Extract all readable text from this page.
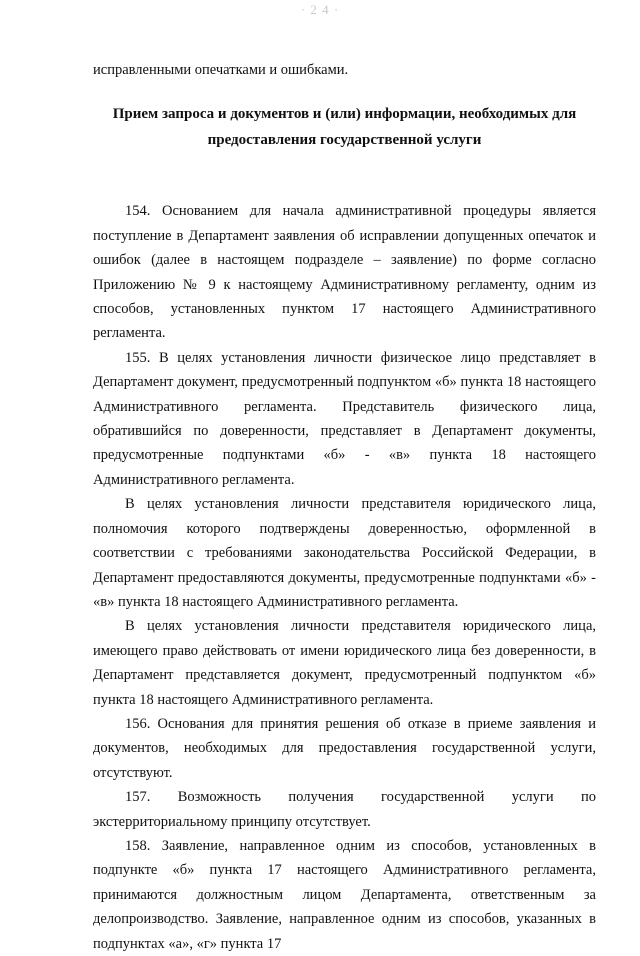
· 2 4 ·

исправленными опечатками и ошибками.

Прием запроса и документов и (или) информации, необходимых для предоставления государственной услуги

154. Основанием для начала административной процедуры является поступление в Департамент заявления об исправлении допущенных опечаток и ошибок (далее в настоящем подразделе – заявление) по форме согласно Приложению № 9 к настоящему Административному регламенту, одним из способов, установленных пунктом 17 настоящего Административного регламента.

155. В целях установления личности физическое лицо представляет в Департамент документ, предусмотренный подпунктом «б» пункта 18 настоящего Административного регламента. Представитель физического лица, обратившийся по доверенности, представляет в Департамент документы, предусмотренные подпунктами «б» - «в» пункта 18 настоящего Административного регламента.

В целях установления личности представителя юридического лица, полномочия которого подтверждены доверенностью, оформленной в соответствии с требованиями законодательства Российской Федерации, в Департамент предоставляются документы, предусмотренные подпунктами «б» - «в» пункта 18 настоящего Административного регламента.

В целях установления личности представителя юридического лица, имеющего право действовать от имени юридического лица без доверенности, в Департамент представляется документ, предусмотренный подпунктом «б» пункта 18 настоящего Административного регламента.

156. Основания для принятия решения об отказе в приеме заявления и документов, необходимых для предоставления государственной услуги, отсутствуют.

157. Возможность получения государственной услуги по экстерриториальному принципу отсутствует.

158. Заявление, направленное одним из способов, установленных в подпункте «б» пункта 17 настоящего Административного регламента, принимаются должностным лицом Департамента, ответственным за делопроизводство. Заявление, направленное одним из способов, указанных в подпунктах «а», «г» пункта 17
